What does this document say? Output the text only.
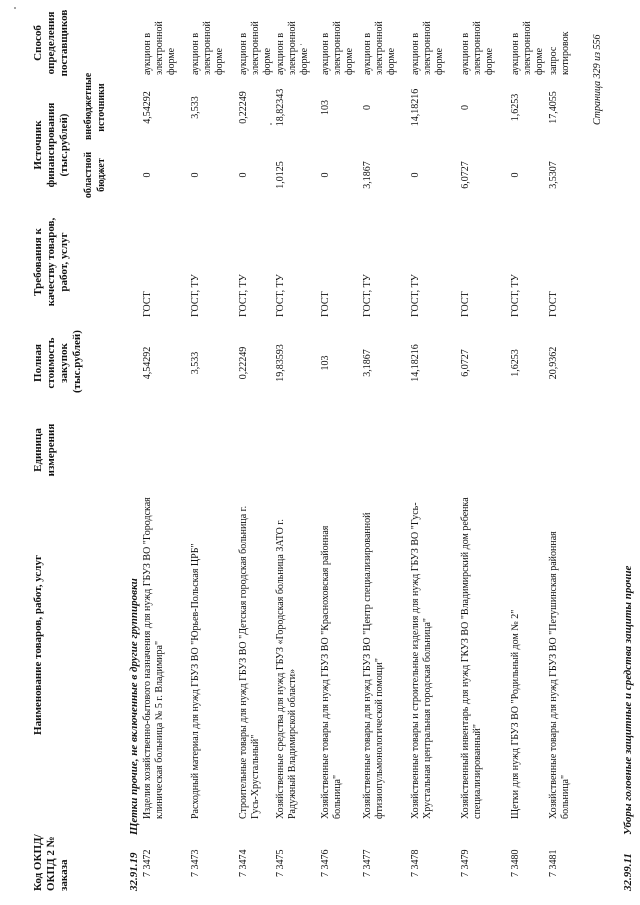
Код ОКПД/ ОКПД 2 № заказа
Наименование товаров, работ, услуг
Единица измерения
Полная стоимость закупок (тыс.рублей)
Требования к качеству товаров, работ, услуг
Источник финансирования (тыс.рублей) областной бюджет
внебюджетные источники
Способ определения поставщиков
32.91.19
Щетки прочие, не включенные в другие группировки
7 3472
Изделия хозяйственно-бытового назначения для нужд ГБУЗ ВО "Городская клиническая больница № 5 г. Владимира"
4,54292
ГОСТ
0
4,54292
аукцион в электронной форме
7 3473
Расходный материал для нужд ГБУЗ ВО "Юрьев-Польская ЦРБ"
3,533
ГОСТ, ТУ
0
3,533
аукцион в электронной форме
7 3474
Строительные товары для нужд ГБУЗ ВО "Детская городская больница г. Гусь-Хрустальный"
0,22249
ГОСТ, ТУ
0
0,22249
аукцион в электронной форме
7 3475
Хозяйственные средства для нужд ГБУЗ «Городская больница ЗАТО г. Радужный Владимирской области»
19,83593
ГОСТ, ТУ
1,0125
18,82343
аукцион в электронной форме
7 3476
Хозяйственные товары для нужд ГБУЗ ВО "Красноховская районная больница"
103
ГОСТ
0
103
аукцион в электронной форме
7 3477
Хозяйственные товары для нужд ГБУЗ ВО "Центр специализированной фтизиопульмонологической помощи"
3,1867
ГОСТ, ТУ
3,1867
0
аукцион в электронной форме
7 3478
Хозяйственные товары и строительные изделия для нужд ГБУЗ ВО "Гусь-Хрустальная центральная городская больница"
14,18216
ГОСТ, ТУ
0
14,18216
аукцион в электронной форме
7 3479
Хозяйственный инвентарь для нужд ГКУЗ ВО "Владимирский дом ребенка специализированный"
6,0727
ГОСТ
6,0727
0
аукцион в электронной форме
7 3480
Щетки для нужд ГБУЗ ВО "Родильный дом № 2"
1,6253
ГОСТ, ТУ
0
1,6253
аукцион в электронной форме
7 3481
Хозяйственные товары для нужд ГБУЗ ВО "Петушинская районная больница"
20,9362
ГОСТ
3,5307
17,4055
запрос котировок
32.99.11
Уборы головные защитные и средства защиты прочие
Страница 329 из 556
